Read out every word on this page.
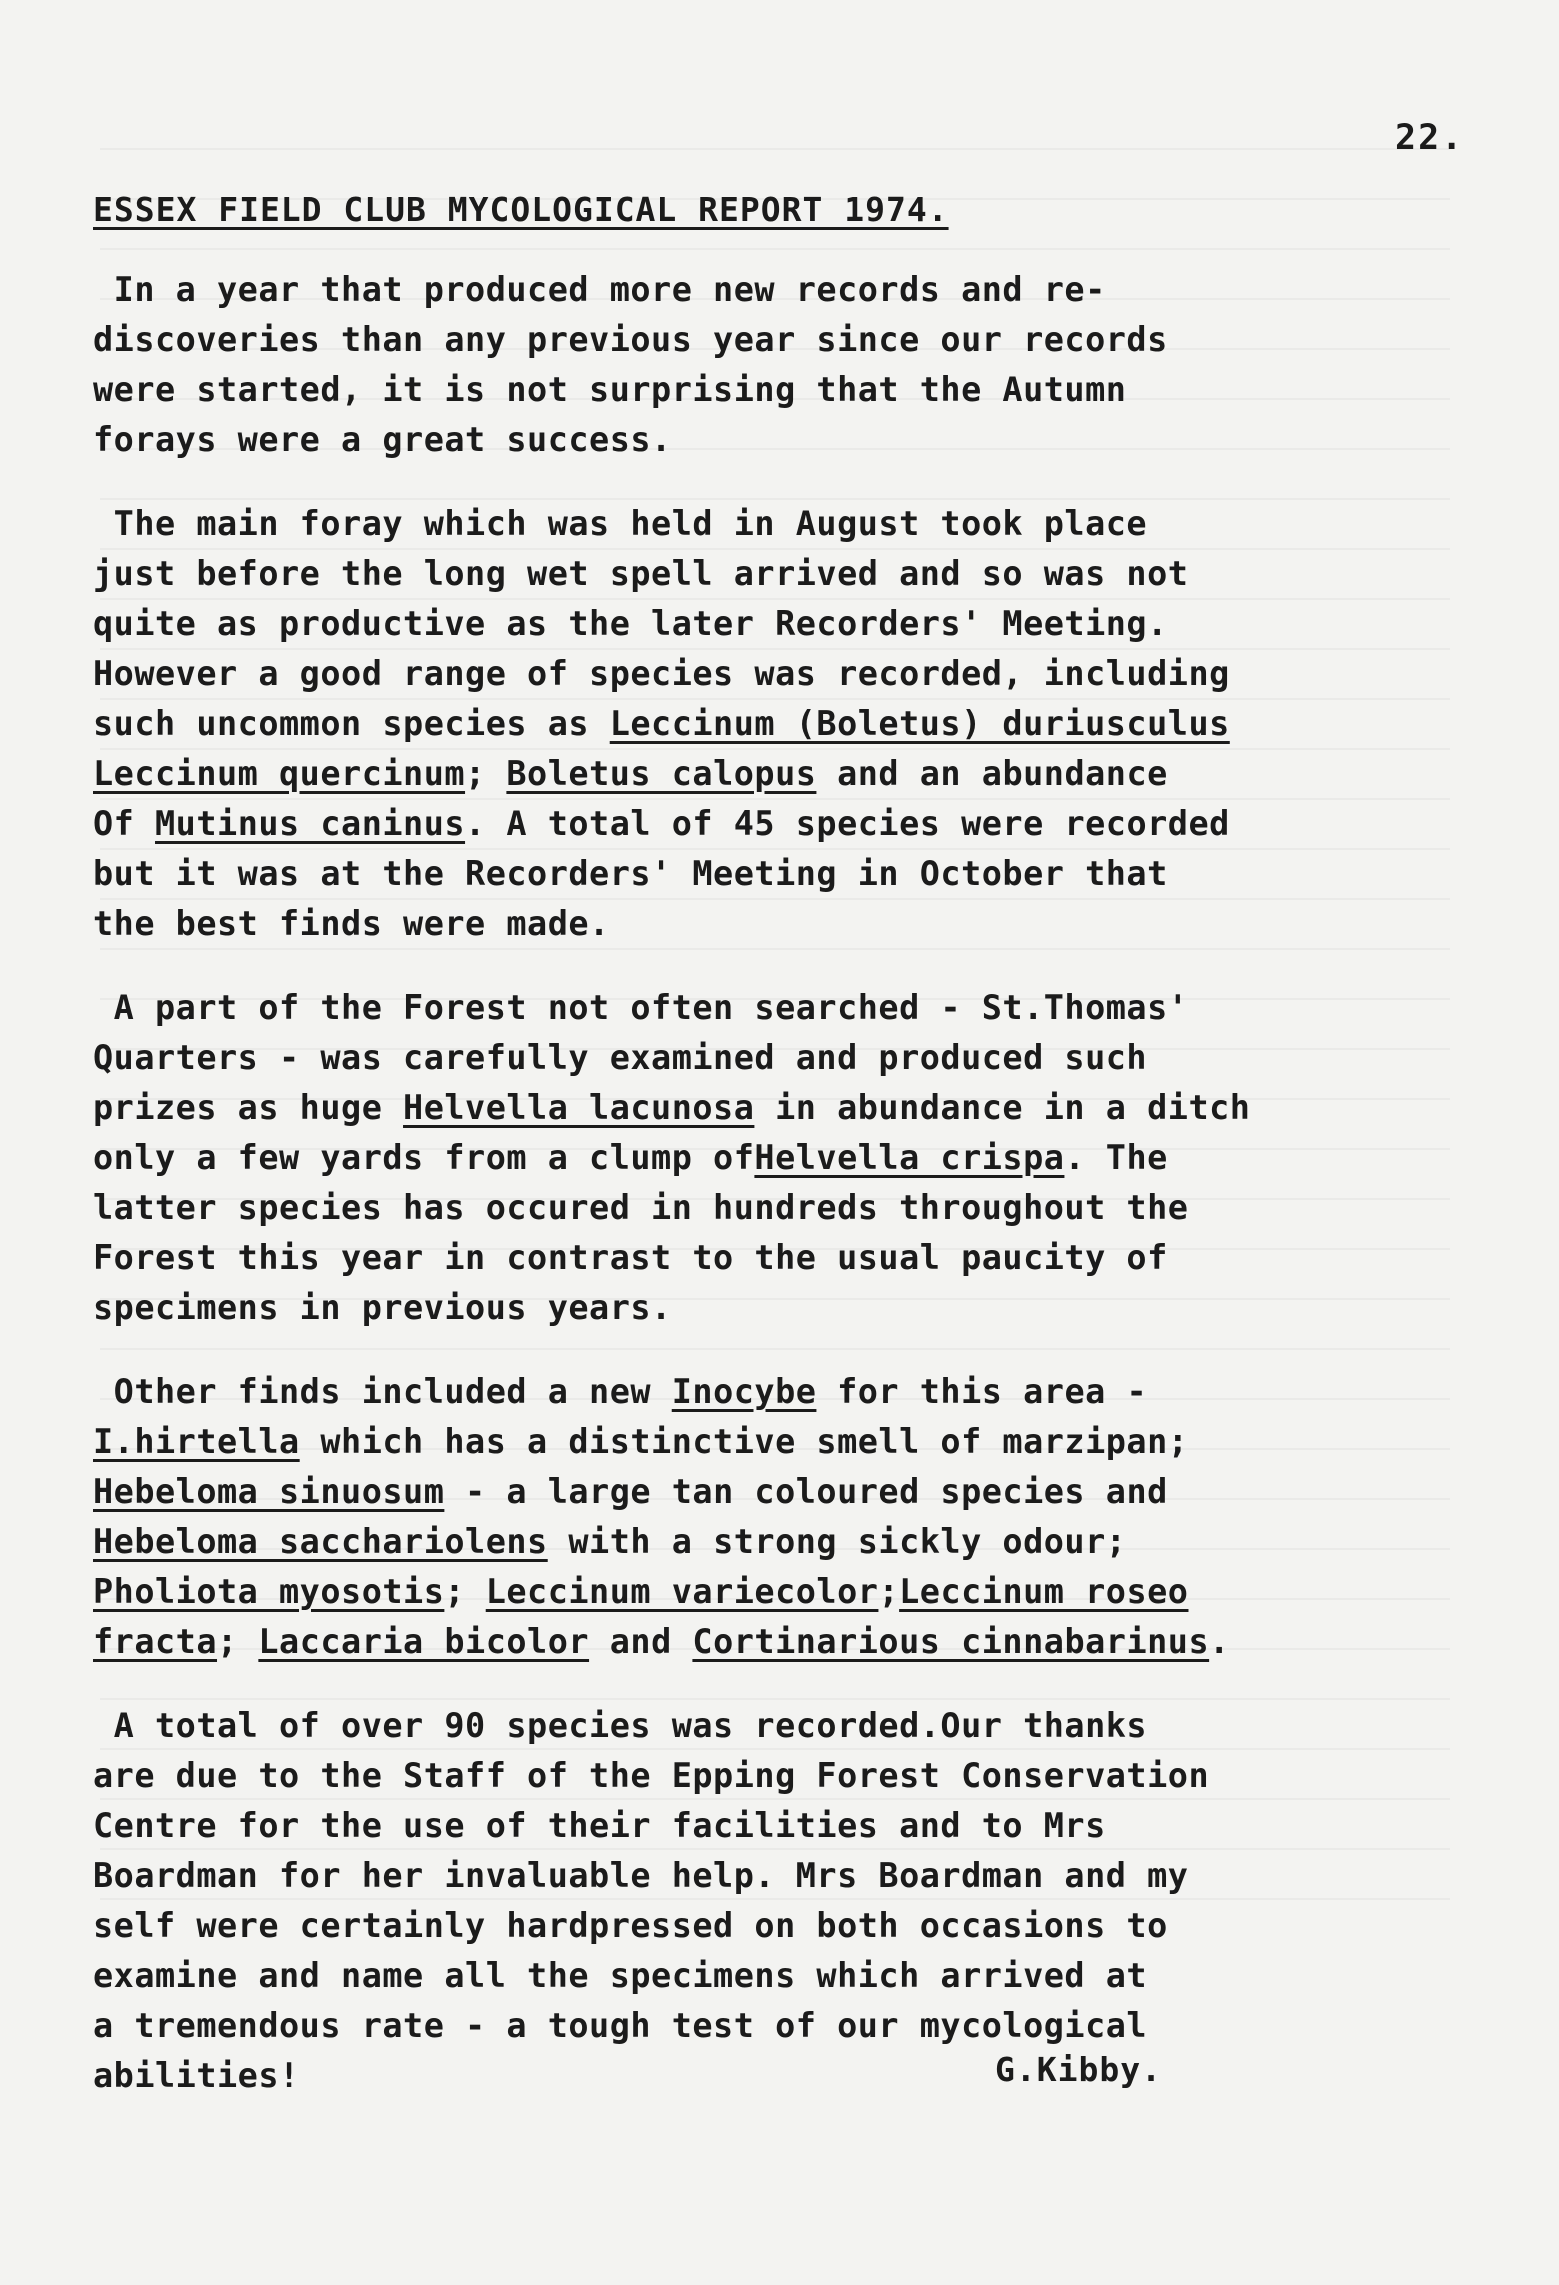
22.
ESSEX FIELD CLUB MYCOLOGICAL REPORT 1974.
In a year that produced more new records and re-
discoveries than any previous year since our records
were started, it is not surprising that the Autumn
forays were a great success.
The main foray which was held in August took place
just before the long wet spell arrived and so was not
quite as productive as the later Recorders' Meeting.
However a good range of species was recorded, including
such uncommon species as Leccinum (Boletus) duriusculus
Leccinum quercinum; Boletus calopus and an abundance
Of Mutinus caninus. A total of 45 species were recorded
but it was at the Recorders' Meeting in October that
the best finds were made.
A part of the Forest not often searched - St.Thomas'
Quarters - was carefully examined and produced such
prizes as huge Helvella lacunosa in abundance in a ditch
only a few yards from a clump ofHelvella crispa. The
latter species has occured in hundreds throughout the
Forest this year in contrast to the usual paucity of
specimens in previous years.
Other finds included a new Inocybe for this area -
I.hirtella which has a distinctive smell of marzipan;
Hebeloma sinuosum - a large tan coloured species and
Hebeloma sacchariolens with a strong sickly odour;
Pholiota myosotis; Leccinum variecolor;Leccinum roseo
fracta; Laccaria bicolor and Cortinarious cinnabarinus.
A total of over 90 species was recorded.Our thanks
are due to the Staff of the Epping Forest Conservation
Centre for the use of their facilities and to Mrs
Boardman for her invaluable help. Mrs Boardman and my
self were certainly hardpressed on both occasions to
examine and name all the specimens which arrived at
a tremendous rate - a tough test of our mycological
abilities!	G.Kibby.
